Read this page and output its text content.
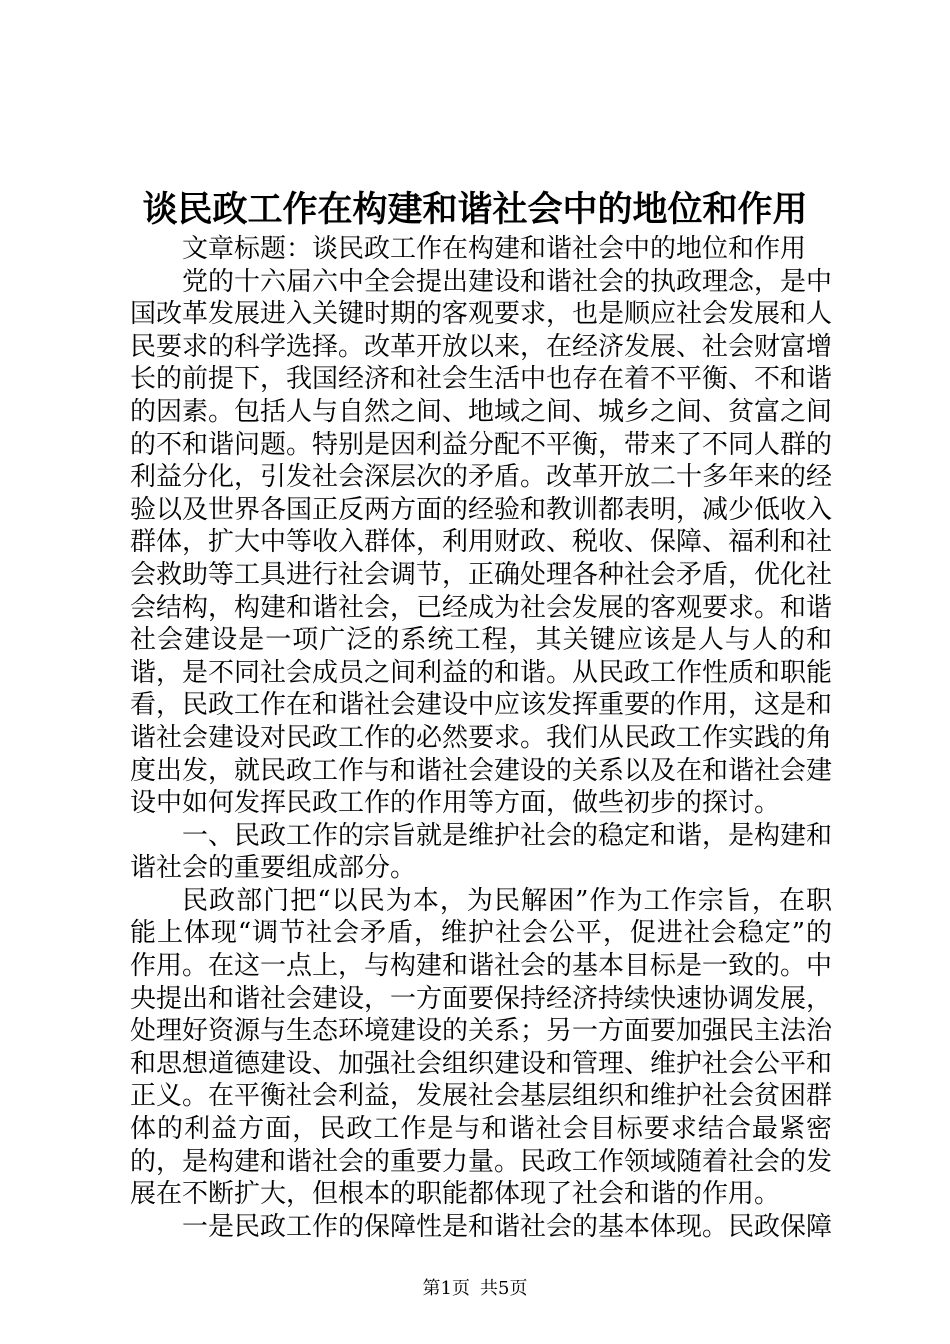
谈民政工作在构建和谐社会中的地位和作用

文章标题：谈民政工作在构建和谐社会中的地位和作用

党的十六届六中全会提出建设和谐社会的执政理念，是中国改革发展进入关键时期的客观要求，也是顺应社会发展和人民要求的科学选择。改革开放以来，在经济发展、社会财富增长的前提下，我国经济和社会生活中也存在着不平衡、不和谐的因素。包括人与自然之间、地域之间、城乡之间、贫富之间的不和谐问题。特别是因利益分配不平衡，带来了不同人群的利益分化，引发社会深层次的矛盾。改革开放二十多年来的经验以及世界各国正反两方面的经验和教训都表明，减少低收入群体，扩大中等收入群体，利用财政、税收、保障、福利和社会救助等工具进行社会调节，正确处理各种社会矛盾，优化社会结构，构建和谐社会，已经成为社会发展的客观要求。和谐社会建设是一项广泛的系统工程，其关键应该是人与人的和谐，是不同社会成员之间利益的和谐。从民政工作性质和职能看，民政工作在和谐社会建设中应该发挥重要的作用，这是和谐社会建设对民政工作的必然要求。我们从民政工作实践的角度出发，就民政工作与和谐社会建设的关系以及在和谐社会建设中如何发挥民政工作的作用等方面，做些初步的探讨。

一、民政工作的宗旨就是维护社会的稳定和谐，是构建和谐社会的重要组成部分。

民政部门把“以民为本，为民解困”作为工作宗旨，在职能上体现“调节社会矛盾，维护社会公平，促进社会稳定”的作用。在这一点上，与构建和谐社会的基本目标是一致的。中央提出和谐社会建设，一方面要保持经济持续快速协调发展，处理好资源与生态环境建设的关系；另一方面要加强民主法治和思想道德建设、加强社会组织建设和管理、维护社会公平和正义。在平衡社会利益，发展社会基层组织和维护社会贫困群体的利益方面，民政工作是与和谐社会目标要求结合最紧密的，是构建和谐社会的重要力量。民政工作领域随着社会的发展在不断扩大，但根本的职能都体现了社会和谐的作用。

一是民政工作的保障性是和谐社会的基本体现。民政保障

第1页 共5页
